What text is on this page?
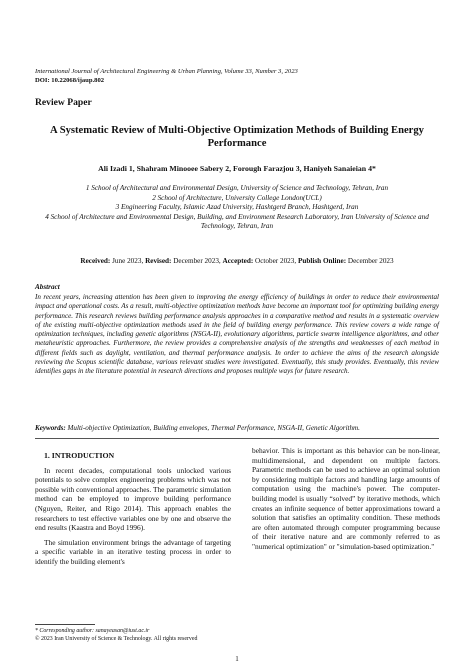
International Journal of Architectural Engineering & Urban Planning, Volume 33, Number 3, 2023
DOI: 10.22068/ijaup.802
Review Paper
A Systematic Review of Multi-Objective Optimization Methods of Building Energy Performance
Ali Izadi 1, Shahram Minooee Sabery 2, Forough Farazjou 3, Haniyeh Sanaieian 4*
1 School of Architectural and Environmental Design, University of Science and Technology, Tehran, Iran
2 School of Architecture, University College London(UCL)
3 Engineering Faculty, Islamic Azad University, Hashtgerd Branch, Hashtgerd, Iran
4 School of Architecture and Environmental Design, Building, and Environment Research Laboratory, Iran University of Science and Technology, Tehran, Iran
Received: June 2023, Revised: December 2023, Accepted: October 2023, Publish Online: December 2023
Abstract
In recent years, increasing attention has been given to improving the energy efficiency of buildings in order to reduce their environmental impact and operational costs. As a result, multi-objective optimization methods have become an important tool for optimizing building energy performance. This research reviews building performance analysis approaches in a comparative method and results in a systematic overview of the existing multi-objective optimization methods used in the field of building energy performance. This review covers a wide range of optimization techniques, including genetic algorithms (NSGA-II), evolutionary algorithms, particle swarm intelligence algorithms, and other metaheuristic approaches. Furthermore, the review provides a comprehensive analysis of the strengths and weaknesses of each method in different fields such as daylight, ventilation, and thermal performance analysis. In order to achieve the aims of the research alongside reviewing the Scopus scientific database, various relevant studies were investigated. Eventually, this study provides. Eventually, this review identifies gaps in the literature potential in research directions and proposes multiple ways for future research.
Keywords: Multi-objective Optimization, Building envelopes, Thermal Performance, NSGA-II, Genetic Algorithm.

1. INTRODUCTION

In recent decades, computational tools unlocked various potentials to solve complex engineering problems which was not possible with conventional approaches. The parametric simulation method can be employed to improve building performance (Nguyen, Reiter, and Rigo 2014). This approach enables the researchers to test effective variables one by one and observe the end results (Kaastra and Boyd 1996).

The simulation environment brings the advantage of targeting a specific variable in an iterative testing process in order to identify the building element's

behavior. This is important as this behavior can be non-linear, multidimensional, and dependent on multiple factors. Parametric methods can be used to achieve an optimal solution by considering multiple factors and handling large amounts of computation using the machine's power. The computer-building model is usually “solved” by iterative methods, which creates an infinite sequence of better approximations toward a solution that satisfies an optimality condition. These methods are often automated through computer programming because of their iterative nature and are commonly referred to as "numerical optimization" or "simulation-based optimization."

* Corresponding author: sanayeasan@iust.ac.ir
© 2023 Iran University of Science & Technology. All rights reserved
1
